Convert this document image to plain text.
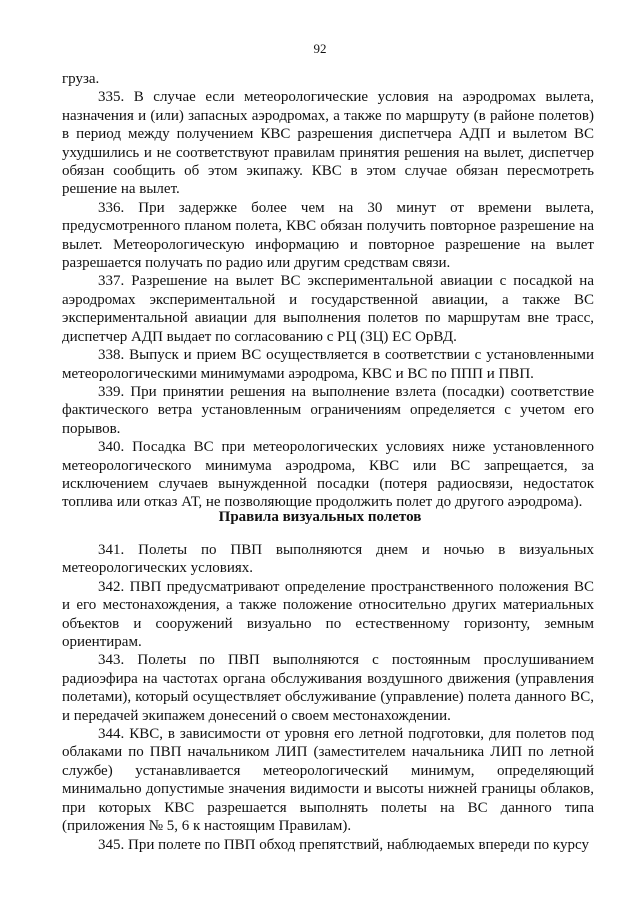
92

груза.

335. В случае если метеорологические условия на аэродромах вылета, назначения и (или) запасных аэродромах, а также по маршруту (в районе полетов) в период между получением КВС разрешения диспетчера АДП и вылетом ВС ухудшились и не соответствуют правилам принятия решения на вылет, диспетчер обязан сообщить об этом экипажу. КВС в этом случае обязан пересмотреть решение на вылет.

336. При задержке более чем на 30 минут от времени вылета, предусмотренного планом полета, КВС обязан получить повторное разрешение на вылет. Метеорологическую информацию и повторное разрешение на вылет разрешается получать по радио или другим средствам связи.

337. Разрешение на вылет ВС экспериментальной авиации с посадкой на аэродромах экспериментальной и государственной авиации, а также ВС экспериментальной авиации для выполнения полетов по маршрутам вне трасс, диспетчер АДП выдает по согласованию с РЦ (ЗЦ) ЕС ОрВД.

338. Выпуск и прием ВС осуществляется в соответствии с установленными метеорологическими минимумами аэродрома, КВС и ВС по ППП и ПВП.

339. При принятии решения на выполнение взлета (посадки) соответствие фактического ветра установленным ограничениям определяется с учетом его порывов.

340. Посадка ВС при метеорологических условиях ниже установленного метеорологического минимума аэродрома, КВС или ВС запрещается, за исключением случаев вынужденной посадки (потеря радиосвязи, недостаток топлива или отказ АТ, не позволяющие продолжить полет до другого аэродрома).

Правила визуальных полетов

341. Полеты по ПВП выполняются днем и ночью в визуальных метеорологических условиях.

342. ПВП предусматривают определение пространственного положения ВС и его местонахождения, а также положение относительно других материальных объектов и сооружений визуально по естественному горизонту, земным ориентирам.

343. Полеты по ПВП выполняются с постоянным прослушиванием радиоэфира на частотах органа обслуживания воздушного движения (управления полетами), который осуществляет обслуживание (управление) полета данного ВС, и передачей экипажем донесений о своем местонахождении.

344. КВС, в зависимости от уровня его летной подготовки, для полетов под облаками по ПВП начальником ЛИП (заместителем начальника ЛИП по летной службе) устанавливается метеорологический минимум, определяющий минимально допустимые значения видимости и высоты нижней границы облаков, при которых КВС разрешается выполнять полеты на ВС данного типа (приложения № 5, 6 к настоящим Правилам).

345. При полете по ПВП обход препятствий, наблюдаемых впереди по курсу
